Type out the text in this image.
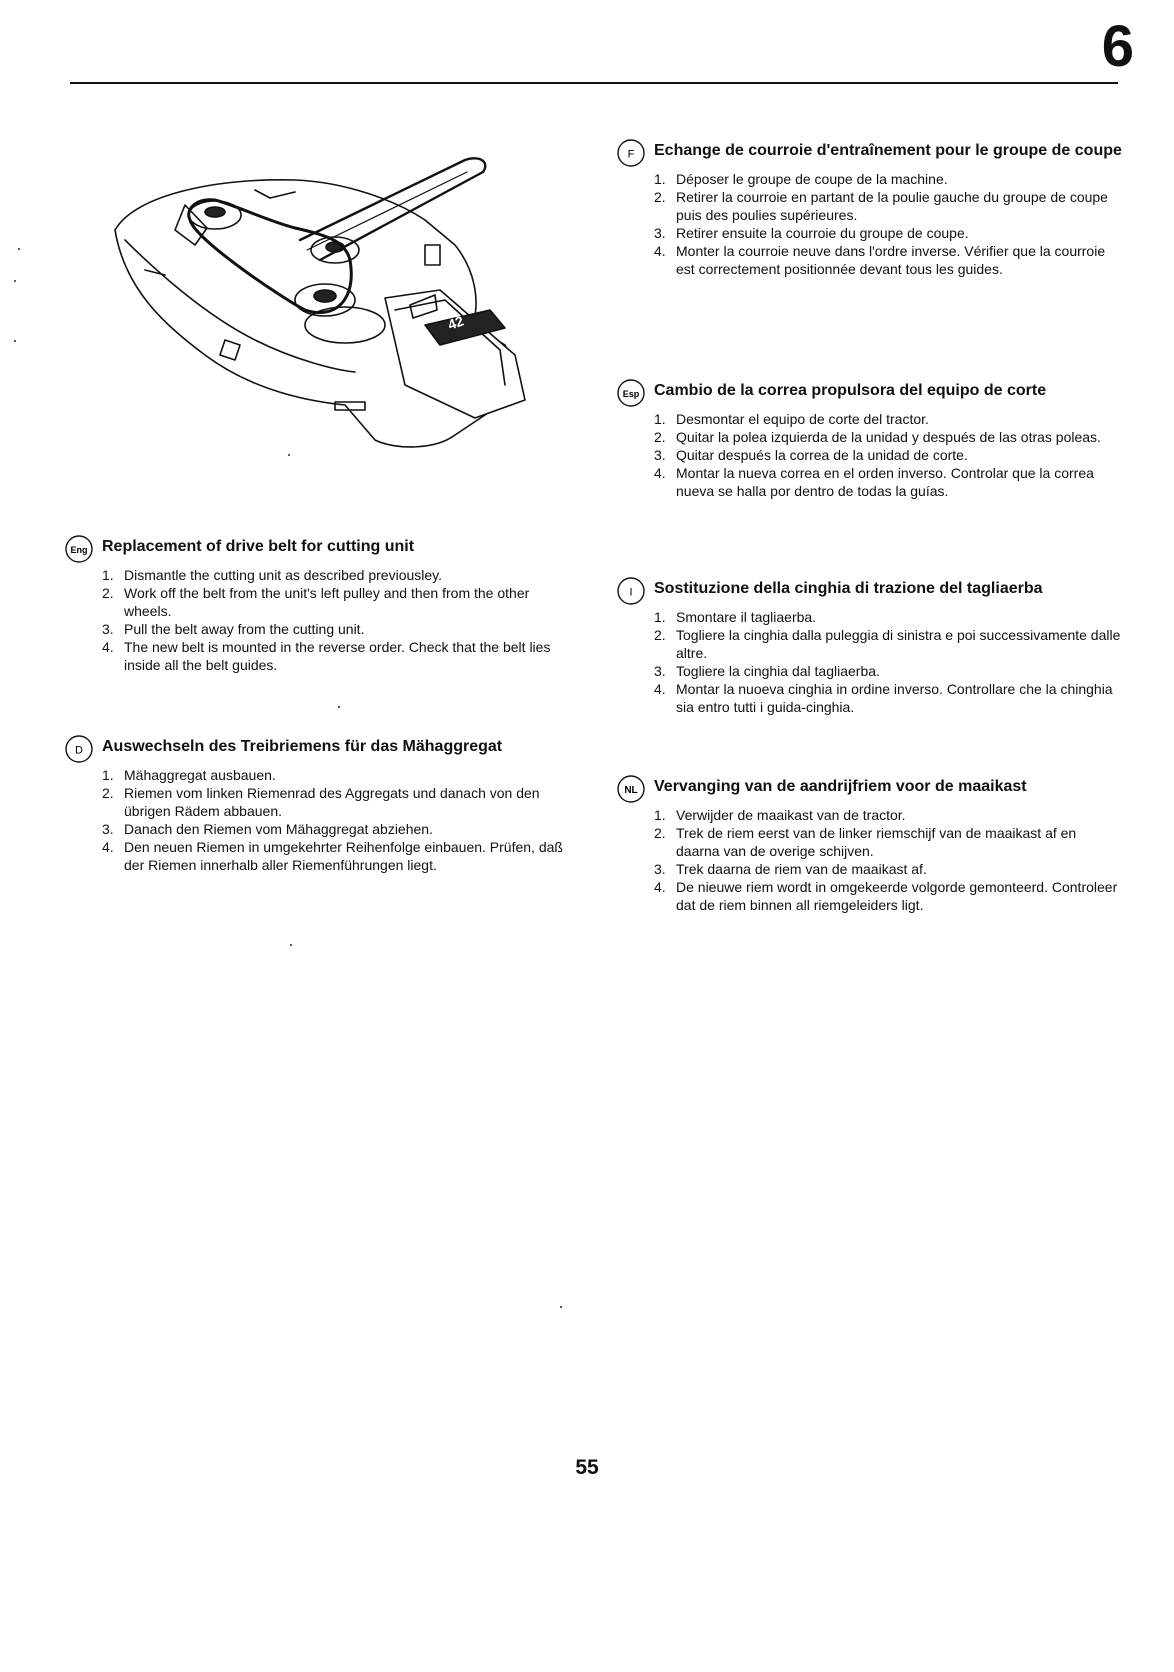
6
42
F Echange de courroie d'entraînement pour le groupe de coupe
1. Déposer le groupe de coupe de la machine.
2. Retirer la courroie en partant de la poulie gauche du groupe de coupe puis des poulies supérieures.
3. Retirer ensuite la courroie du groupe de coupe.
4. Monter la courroie neuve dans l'ordre inverse. Vérifier que la courroie est correctement positionnée devant tous les guides.
Esp Cambio de la correa propulsora del equipo de corte
1. Desmontar el equipo de corte del tractor.
2. Quitar la polea izquierda de la unidad y después de las otras poleas.
3. Quitar después la correa de la unidad de corte.
4. Montar la nueva correa en el orden inverso. Controlar que la correa nueva se halla por dentro de todas la guías.
Eng Replacement of drive belt for cutting unit
1. Dismantle the cutting unit as described previousley.
2. Work off the belt from the unit's left pulley and then from the other wheels.
3. Pull the belt away from the cutting unit.
4. The new belt is mounted in the reverse order. Check that the belt lies inside all the belt guides.
I Sostituzione della cinghia di trazione del tagliaerba
1. Smontare il tagliaerba.
2. Togliere la cinghia dalla puleggia di sinistra e poi successivamente dalle altre.
3. Togliere la cinghia dal tagliaerba.
4. Montar la nuoeva cinghia in ordine inverso. Controllare che la chinghia sia entro tutti i guida-cinghia.
D Auswechseln des Treibriemens für das Mähaggregat
1. Mähaggregat ausbauen.
2. Riemen vom linken Riemenrad des Aggregats und danach von den übrigen Rädem abbauen.
3. Danach den Riemen vom Mähaggregat abziehen.
4. Den neuen Riemen in umgekehrter Reihenfolge einbauen. Prüfen, daß der Riemen innerhalb aller Riemenführungen liegt.
NL Vervanging van de aandrijfriem voor de maaikast
1. Verwijder de maaikast van de tractor.
2. Trek de riem eerst van de linker riemschijf van de maaikast af en daarna van de overige schijven.
3. Trek daarna de riem van de maaikast af.
4. De nieuwe riem wordt in omgekeerde volgorde gemonteerd. Controleer dat de riem binnen all riemgeleiders ligt.
55
